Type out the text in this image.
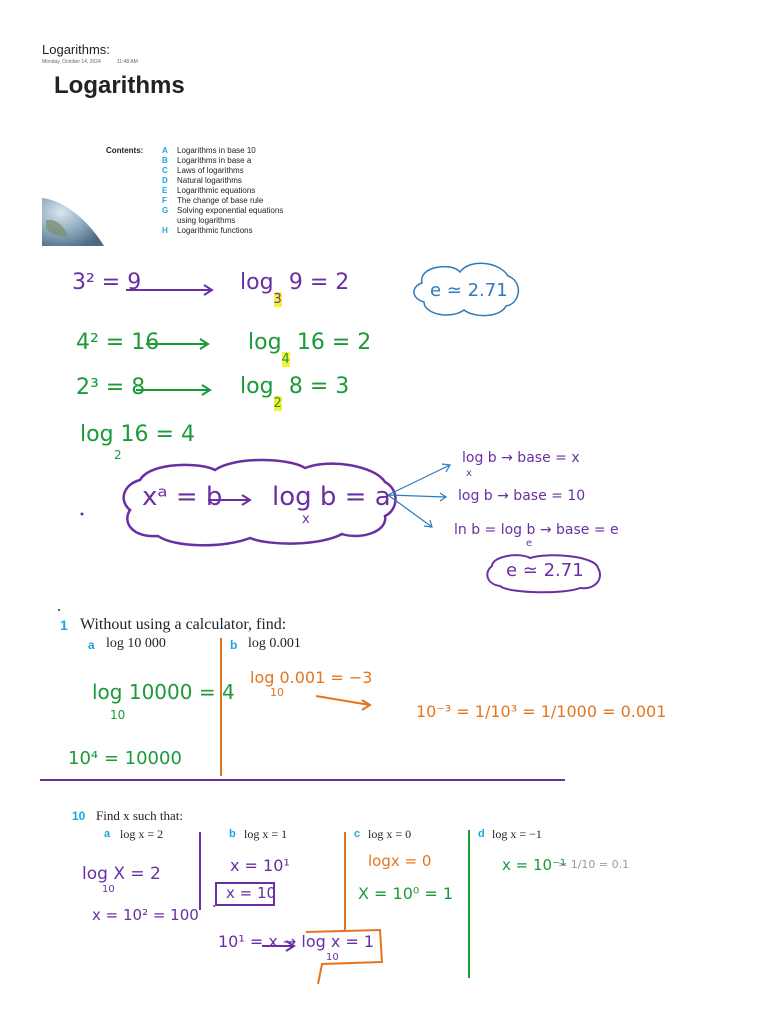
Logarithms:
Monday, October 14, 2024	11:48 AM
Logarithms
Contents: A Logarithms in base 10
B Logarithms in base a
C Laws of logarithms
D Natural logarithms
E Logarithmic equations
F The change of base rule
G Solving exponential equations
using logarithms
H Logarithmic functions
3² = 9	$\log_3 9 = 2$	e ≃ 2.71
4² = 16	$\log_4 16 = 2$
2³ = 8	$\log_2 8 = 3$
log 16 = 4
2
xᵃ = b log b = a
x
log b → base = x
x
log b → base = 10
ln b = log b → base = e
e
e ≃ 2.71
1 Without using a calculator, find:
a log 10 000	b log 0.001
log 10000 = 4
10
10⁴ = 10000
log 0.001 = −3
10
10⁻³ = 1/10³ = 1/1000 = 0.001
10 Find x such that:
a log x = 2	b log x = 1	c log x = 0	d log x = −1
log X = 2
10
x = 10² = 100
x = 10¹
x = 10
10¹ = x → log x = 1
10
logx = 0
X = 10⁰ = 1
x = 10⁻¹
= 1/10 = 0.1
